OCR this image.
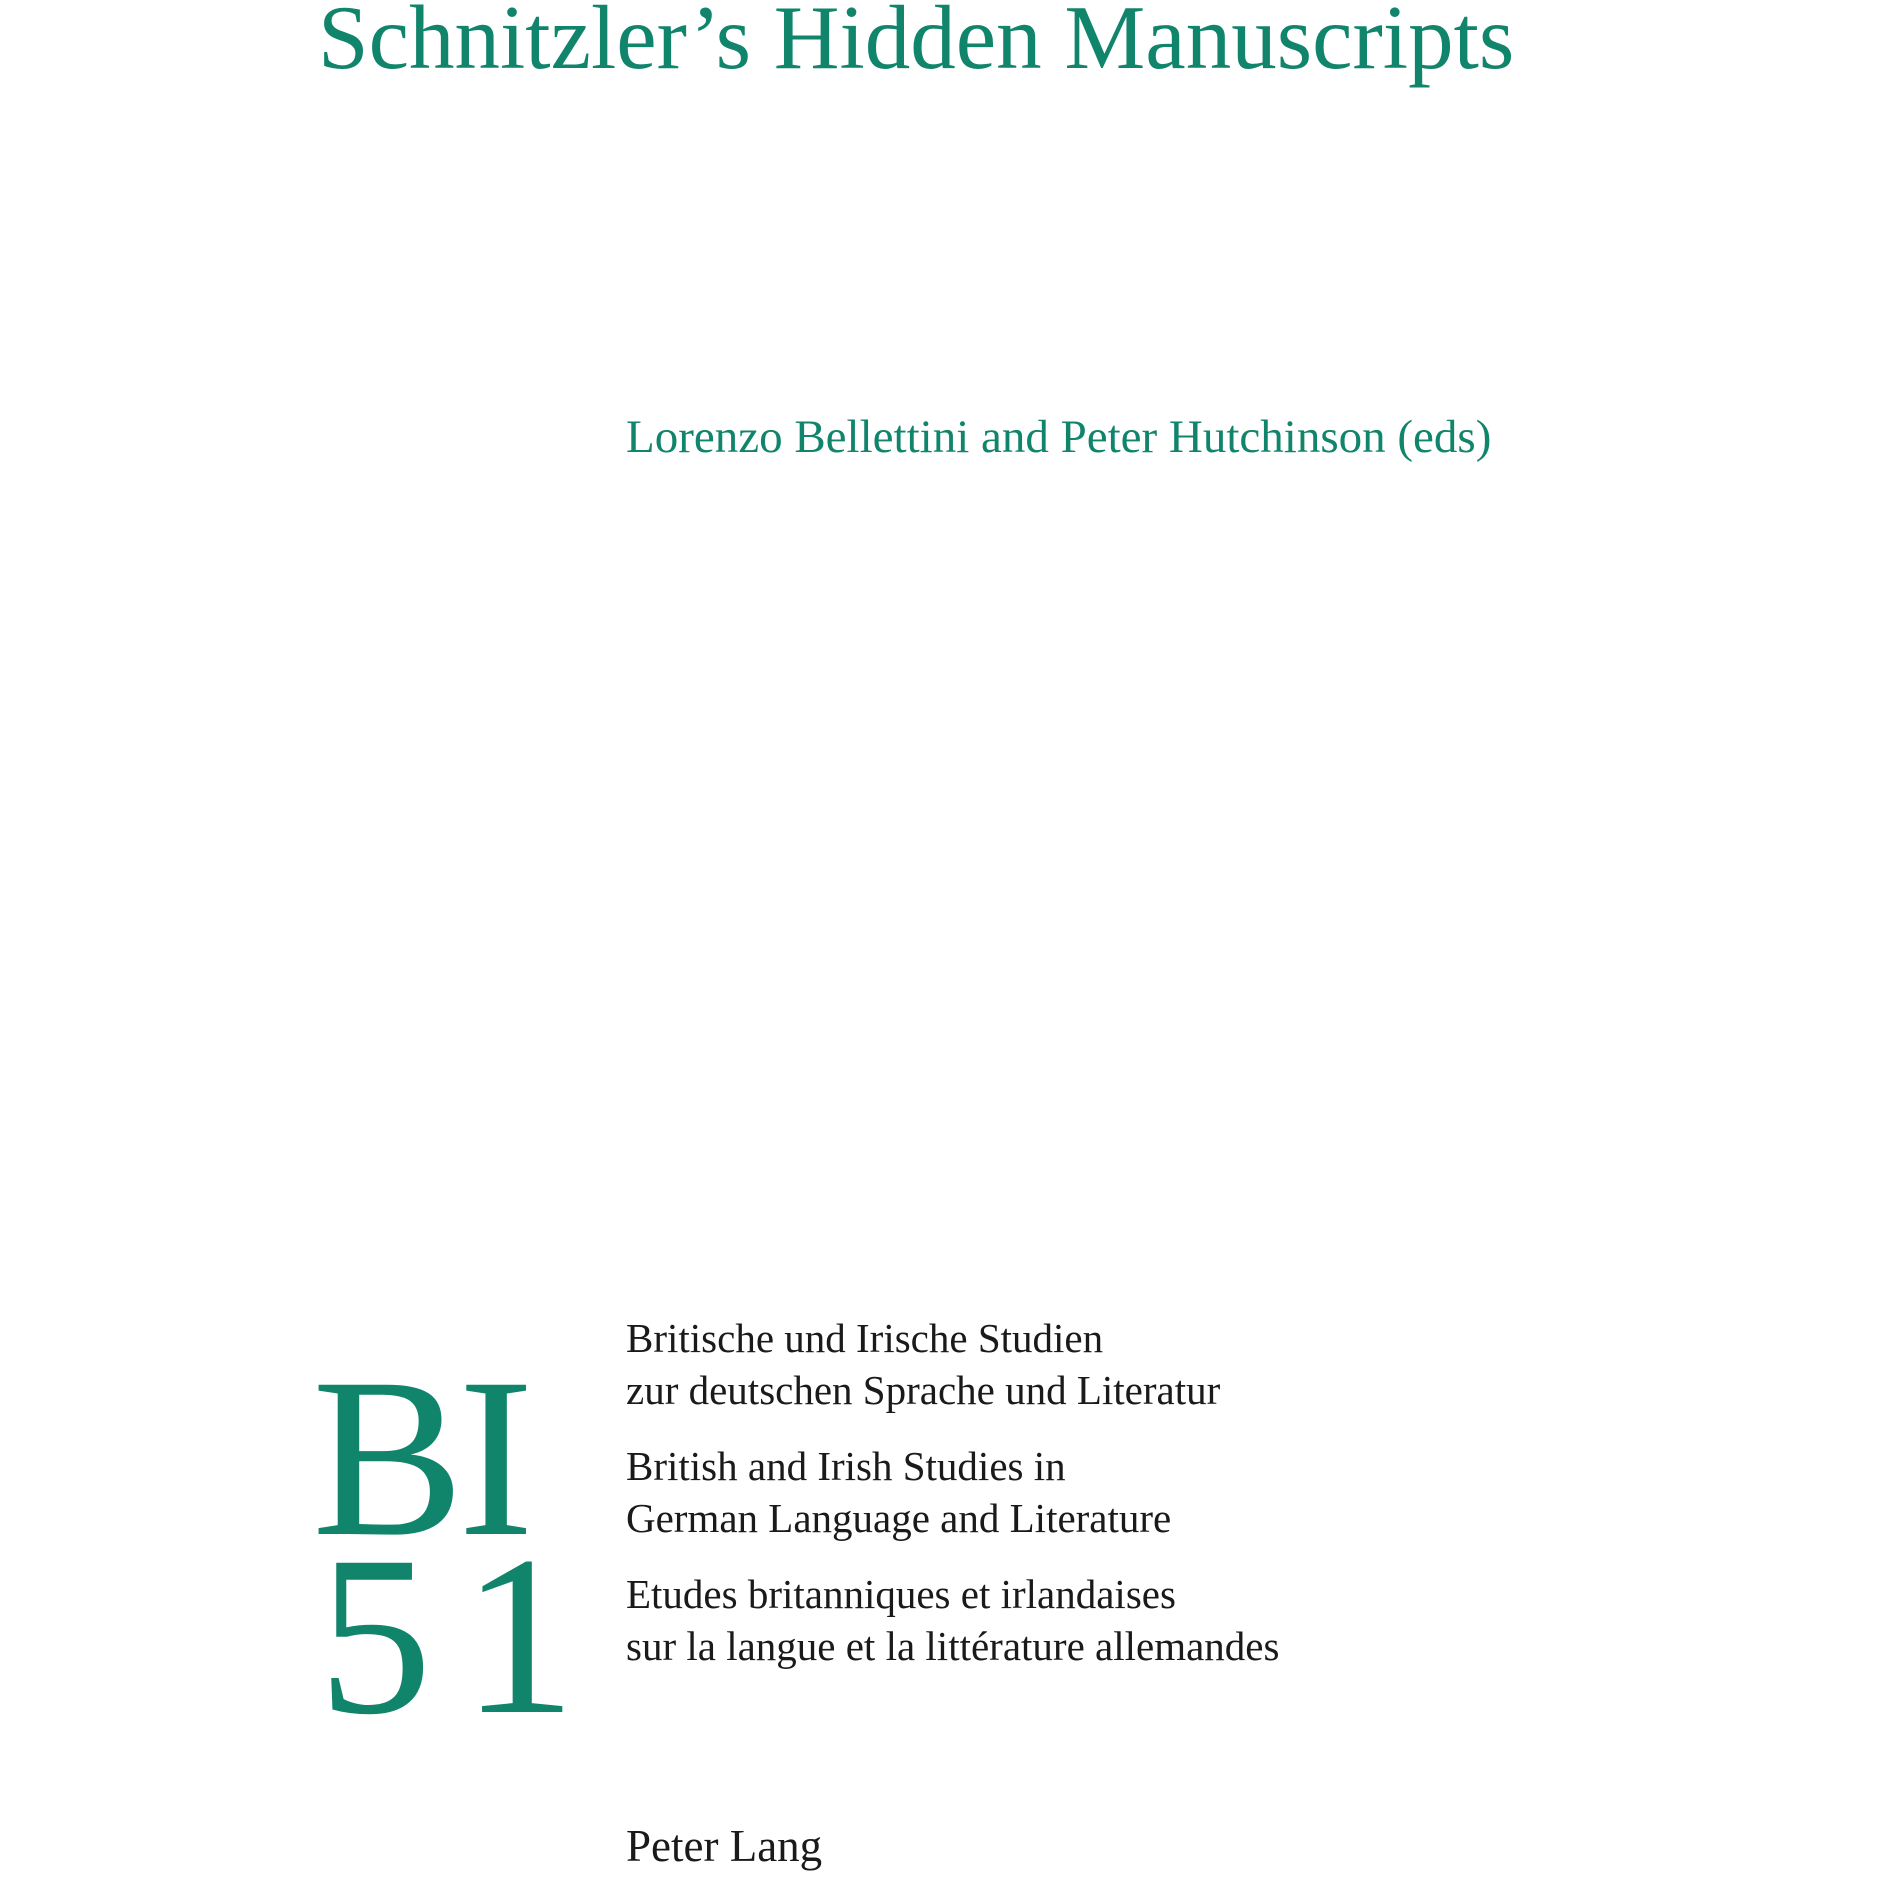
Schnitzler’s Hidden Manuscripts
Lorenzo Bellettini and Peter Hutchinson (eds)
BI
51

Britische und Irische Studien
zur deutschen Sprache und Literatur

British and Irish Studies in
German Language and Literature

Etudes britanniques et irlandaises
sur la langue et la littérature allemandes

Peter Lang
